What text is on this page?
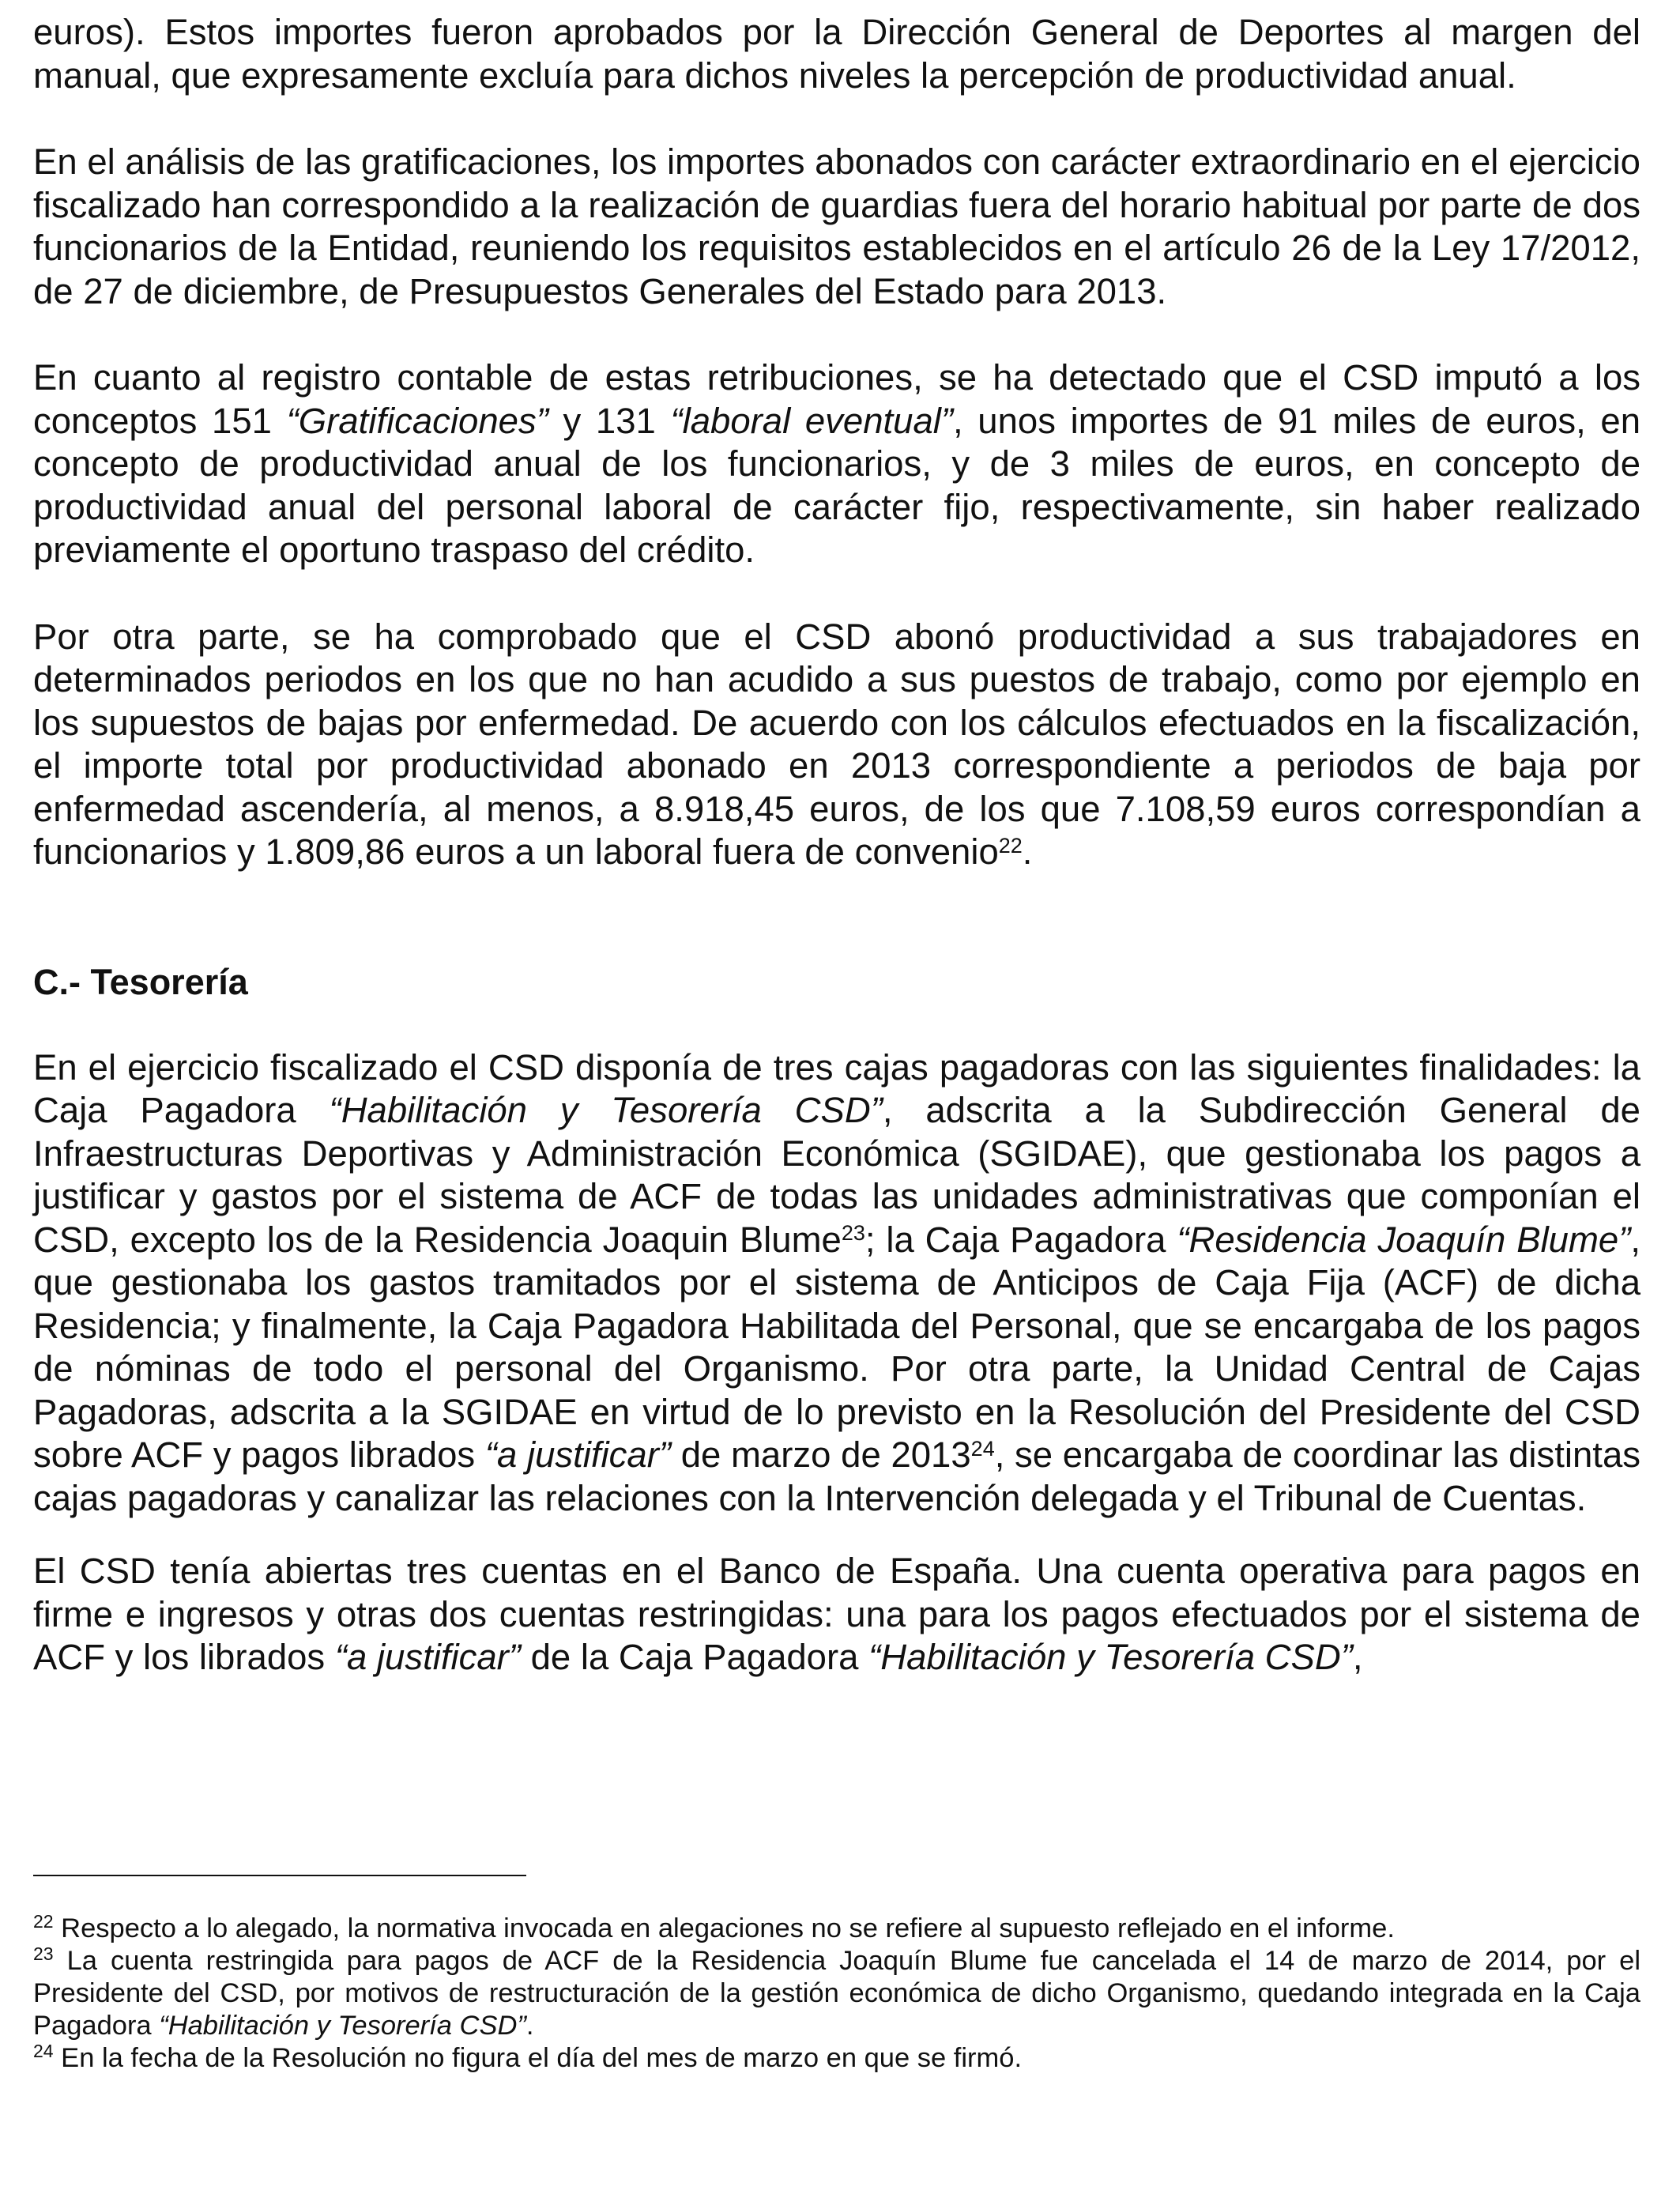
euros). Estos importes fueron aprobados por la Dirección General de Deportes al margen del manual, que expresamente excluía para dichos niveles la percepción de productividad anual.

En el análisis de las gratificaciones, los importes abonados con carácter extraordinario en el ejercicio fiscalizado han correspondido a la realización de guardias fuera del horario habitual por parte de dos funcionarios de la Entidad, reuniendo los requisitos establecidos en el artículo 26 de la Ley 17/2012, de 27 de diciembre, de Presupuestos Generales del Estado para 2013.

En cuanto al registro contable de estas retribuciones, se ha detectado que el CSD imputó a los conceptos 151 “Gratificaciones” y 131 “laboral eventual”, unos importes de 91 miles de euros, en concepto de productividad anual de los funcionarios, y de 3 miles de euros, en concepto de productividad anual del personal laboral de carácter fijo, respectivamente, sin haber realizado previamente el oportuno traspaso del crédito.

Por otra parte, se ha comprobado que el CSD abonó productividad a sus trabajadores en determinados periodos en los que no han acudido a sus puestos de trabajo, como por ejemplo en los supuestos de bajas por enfermedad. De acuerdo con los cálculos efectuados en la fiscalización, el importe total por productividad abonado en 2013 correspondiente a periodos de baja por enfermedad ascendería, al menos, a 8.918,45 euros, de los que 7.108,59 euros correspondían a funcionarios y 1.809,86 euros a un laboral fuera de convenio$^{22}$.

C.- Tesorería

En el ejercicio fiscalizado el CSD disponía de tres cajas pagadoras con las siguientes finalidades: la Caja Pagadora “Habilitación y Tesorería CSD”, adscrita a la Subdirección General de Infraestructuras Deportivas y Administración Económica (SGIDAE), que gestionaba los pagos a justificar y gastos por el sistema de ACF de todas las unidades administrativas que componían el CSD, excepto los de la Residencia Joaquin Blume$^{23}$; la Caja Pagadora “Residencia Joaquín Blume”, que gestionaba los gastos tramitados por el sistema de Anticipos de Caja Fija (ACF) de dicha Residencia; y finalmente, la Caja Pagadora Habilitada del Personal, que se encargaba de los pagos de nóminas de todo el personal del Organismo. Por otra parte, la Unidad Central de Cajas Pagadoras, adscrita a la SGIDAE en virtud de lo previsto en la Resolución del Presidente del CSD sobre ACF y pagos librados “a justificar” de marzo de 2013$^{24}$, se encargaba de coordinar las distintas cajas pagadoras y canalizar las relaciones con la Intervención delegada y el Tribunal de Cuentas.

El CSD tenía abiertas tres cuentas en el Banco de España. Una cuenta operativa para pagos en firme e ingresos y otras dos cuentas restringidas: una para los pagos efectuados por el sistema de ACF y los librados “a justificar” de la Caja Pagadora “Habilitación y Tesorería CSD”,

$^{22}$ Respecto a lo alegado, la normativa invocada en alegaciones no se refiere al supuesto reflejado en el informe.

$^{23}$ La cuenta restringida para pagos de ACF de la Residencia Joaquín Blume fue cancelada el 14 de marzo de 2014, por el Presidente del CSD, por motivos de restructuración de la gestión económica de dicho Organismo, quedando integrada en la Caja Pagadora “Habilitación y Tesorería CSD”.

$^{24}$ En la fecha de la Resolución no figura el día del mes de marzo en que se firmó.
